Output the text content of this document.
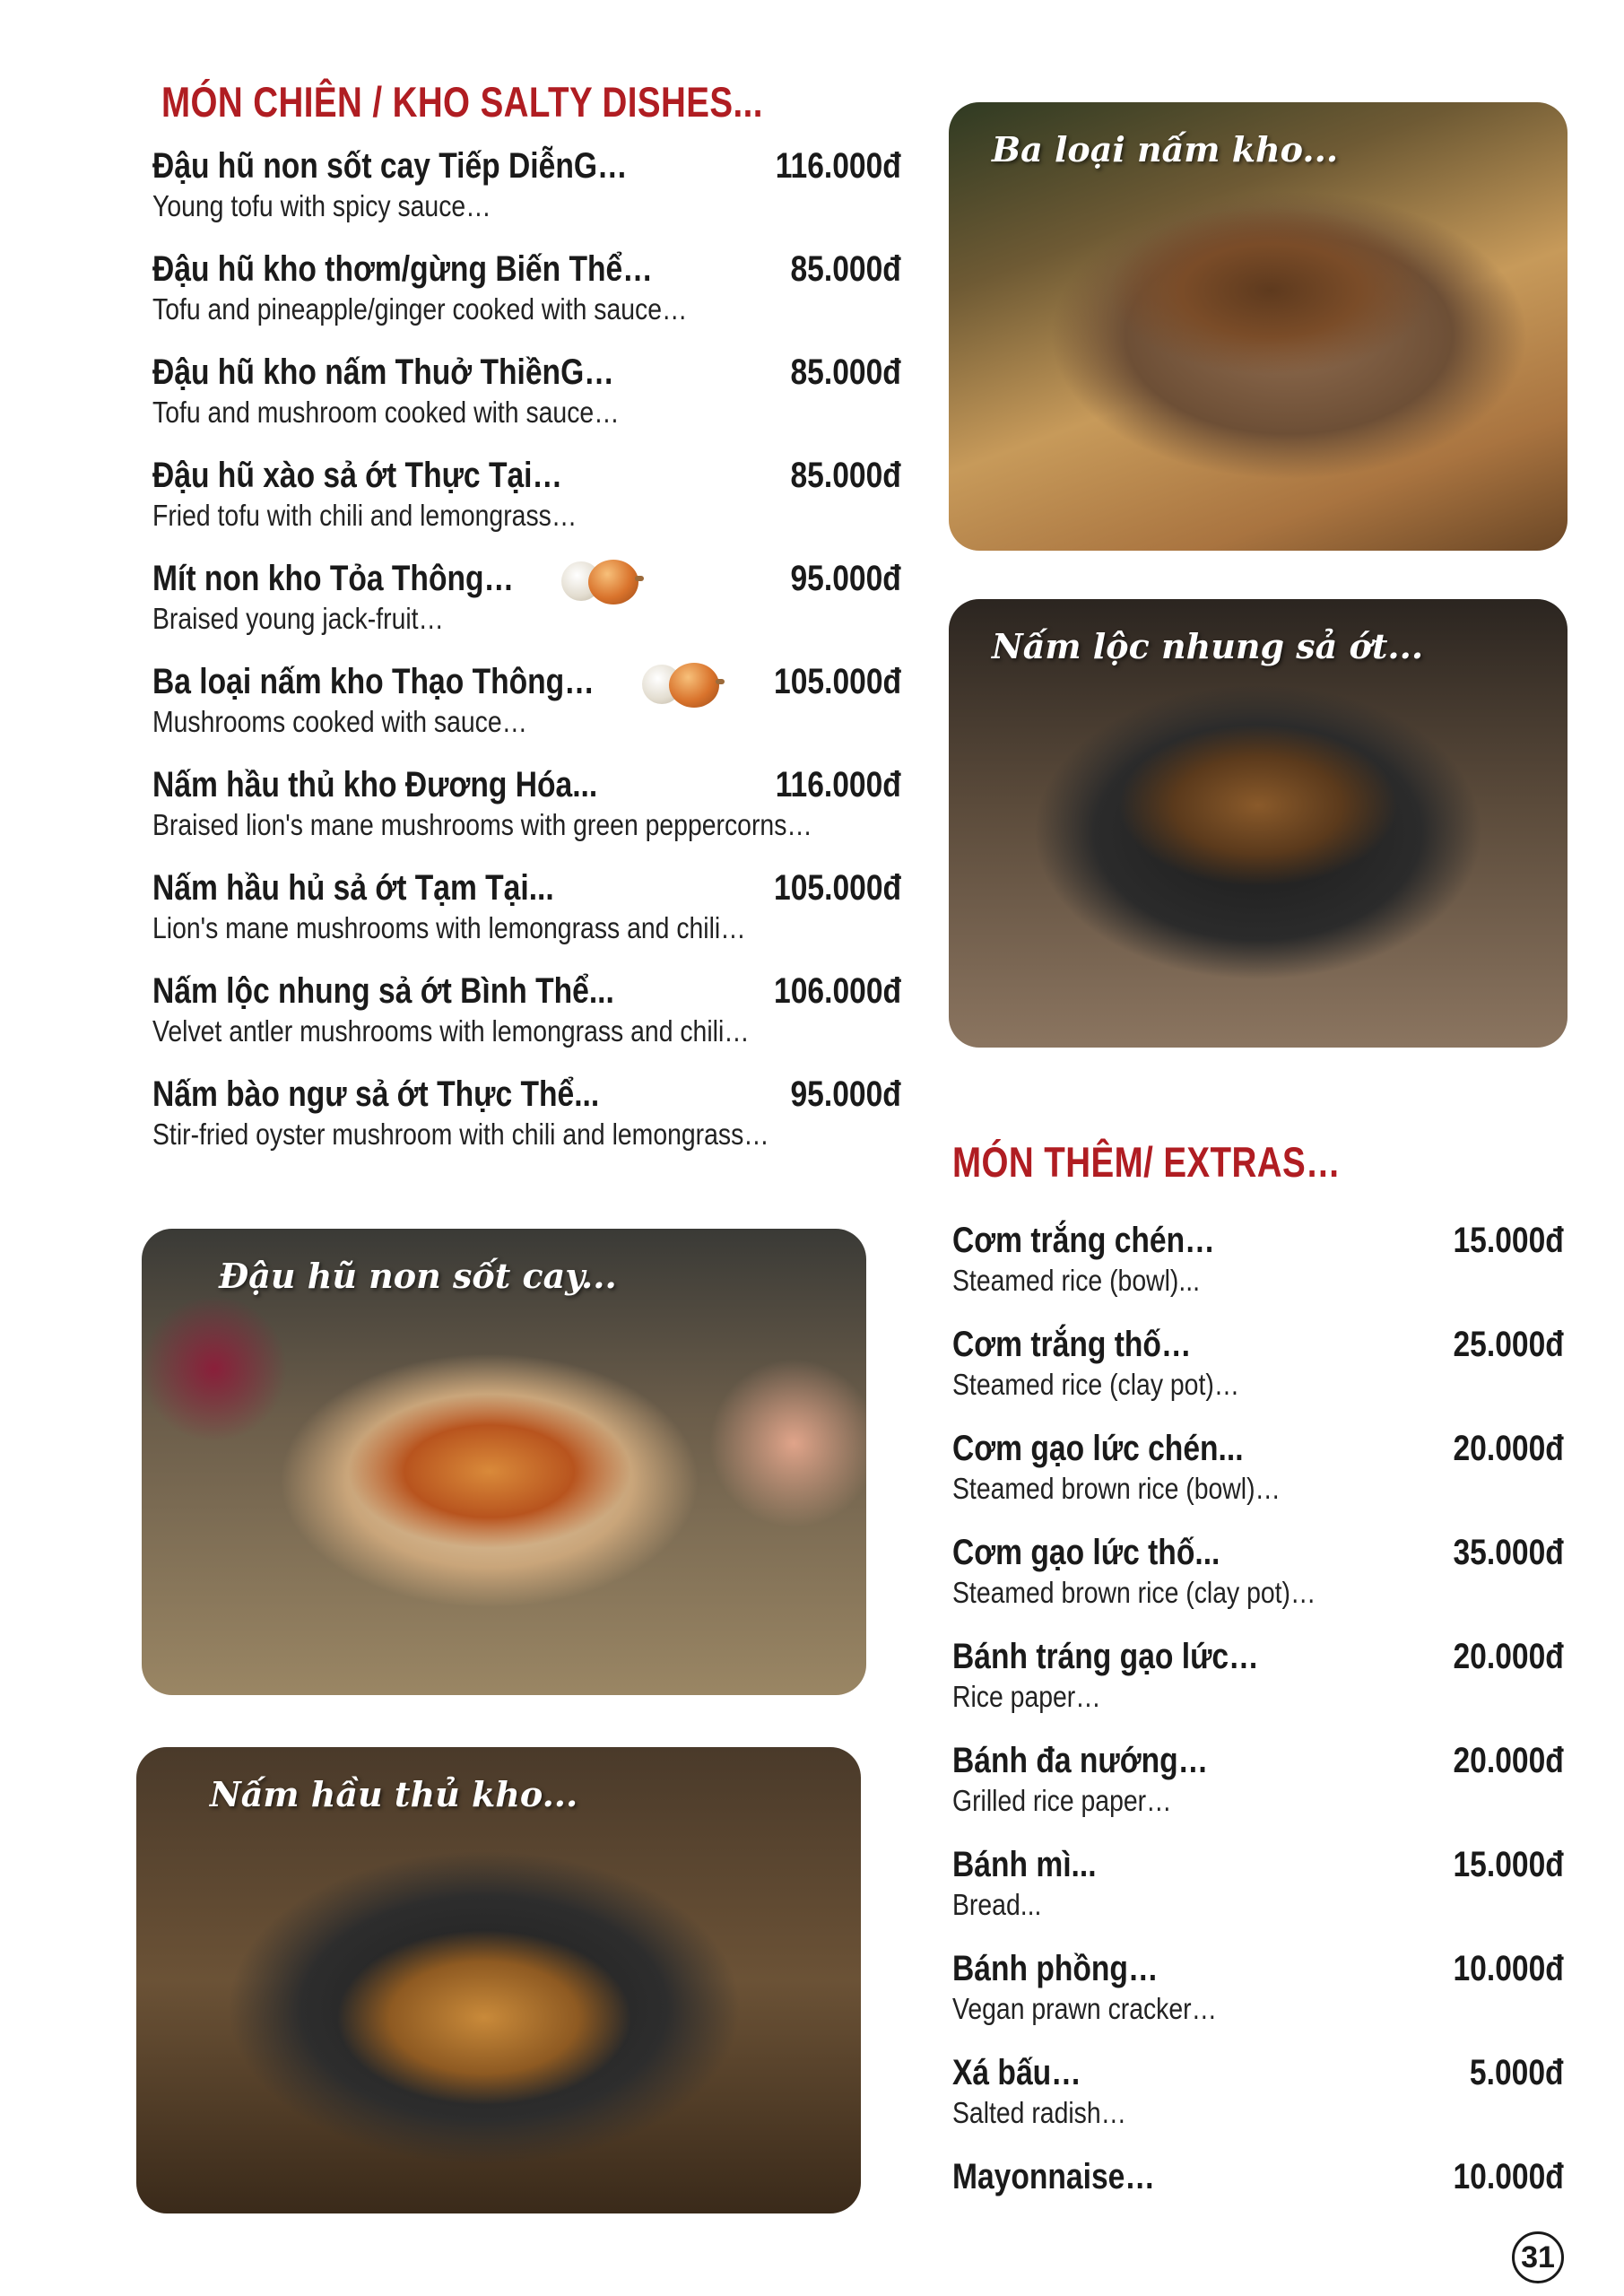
MÓN CHIÊN / KHO SALTY DISHES...
Đậu hũ non sốt cay Tiếp DiễnG…	116.000đ
Young tofu with spicy sauce…
Đậu hũ kho thơm/gừng Biến Thể…	85.000đ
Tofu and pineapple/ginger cooked with sauce…
Đậu hũ kho nấm Thuở ThiềnG…	85.000đ
Tofu and mushroom cooked with sauce…
Đậu hũ xào sả ớt Thực Tại…	85.000đ
Fried tofu with chili and lemongrass…
Mít non kho Tỏa Thông…	95.000đ
Braised young jack-fruit…
Ba loại nấm kho Thạo Thông…	105.000đ
Mushrooms cooked with sauce…
Nấm hầu thủ kho Đương Hóa...	116.000đ
Braised lion's mane mushrooms with green peppercorns…
Nấm hầu hủ sả ớt Tạm Tại...	105.000đ
Lion's mane mushrooms with lemongrass and chili…
Nấm lộc nhung sả ớt Bình Thể...	106.000đ
Velvet antler mushrooms with lemongrass and chili…
Nấm bào ngư sả ớt Thực Thể...	95.000đ
Stir-fried oyster mushroom with chili and lemongrass…

Ba loại nấm kho...

Nấm lộc nhung sả ớt...

Đậu hũ non sốt cay...

Nấm hầu thủ kho...

MÓN THÊM/ EXTRAS…
Cơm trắng chén…	15.000đ
Steamed rice (bowl)...
Cơm trắng thố…	25.000đ
Steamed rice (clay pot)…
Cơm gạo lức chén...	20.000đ
Steamed brown rice (bowl)…
Cơm gạo lức thố...	35.000đ
Steamed brown rice (clay pot)…
Bánh tráng gạo lức…	20.000đ
Rice paper…
Bánh đa nướng…	20.000đ
Grilled rice paper…
Bánh mì...	15.000đ
Bread...
Bánh phồng…	10.000đ
Vegan prawn cracker…
Xá bấu…	5.000đ
Salted radish…
Mayonnaise…	10.000đ
31
